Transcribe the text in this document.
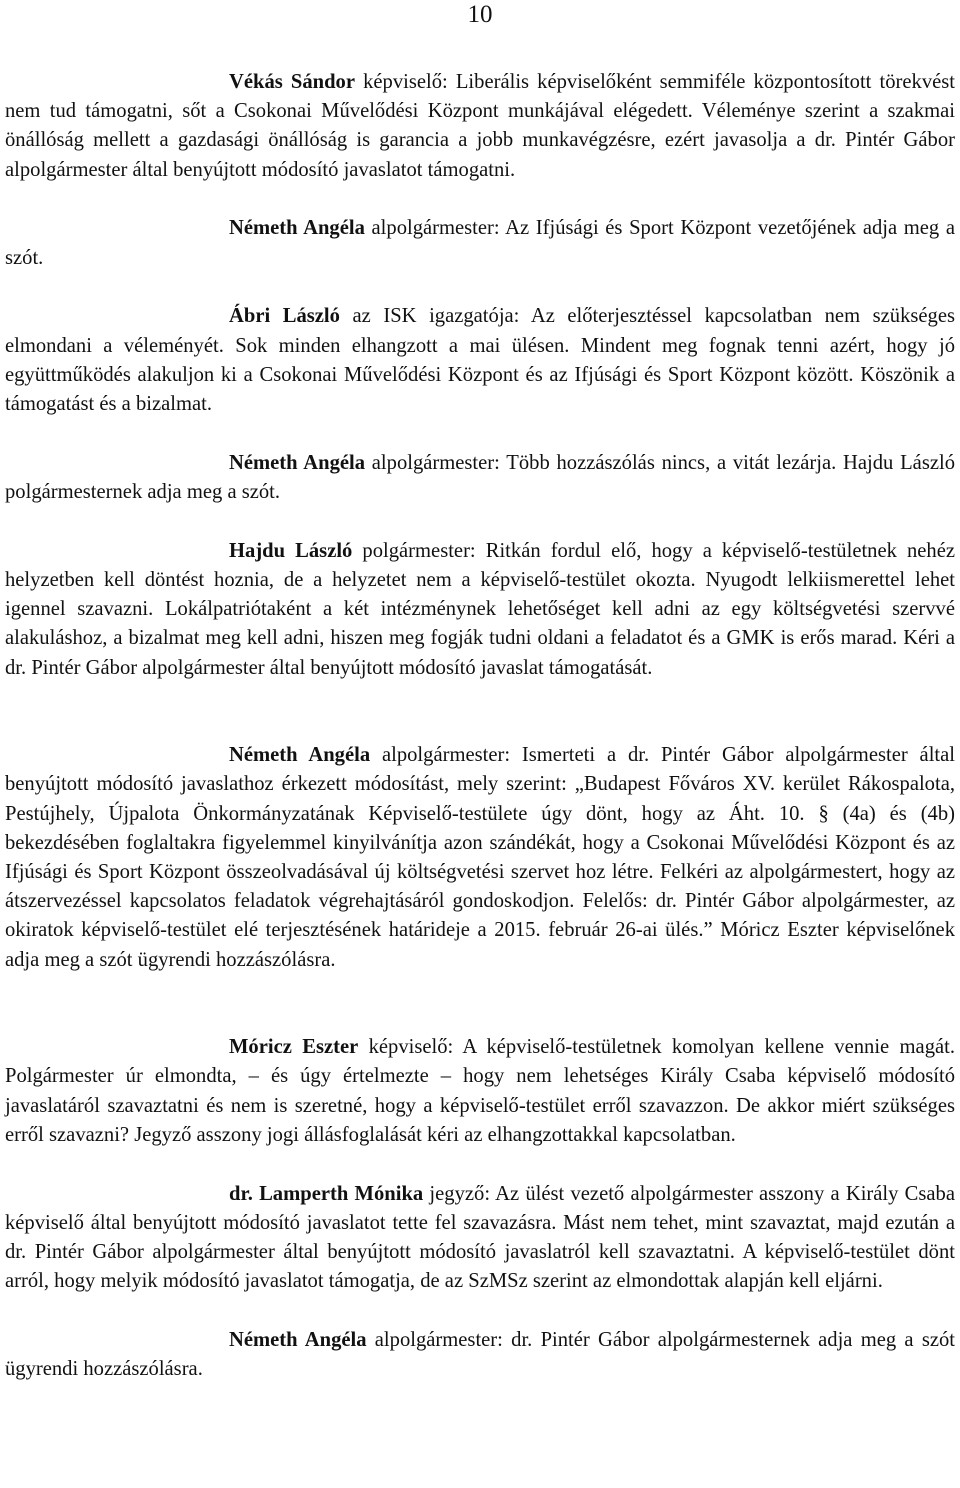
10

Vékás Sándor képviselő: Liberális képviselőként semmiféle központosított törekvést nem tud támogatni, sőt a Csokonai Művelődési Központ munkájával elégedett. Véleménye szerint a szakmai önállóság mellett a gazdasági önállóság is garancia a jobb munkavégzésre, ezért javasolja a dr. Pintér Gábor alpolgármester által benyújtott módosító javaslatot támogatni.

Németh Angéla alpolgármester: Az Ifjúsági és Sport Központ vezetőjének adja meg a szót.

Ábri László az ISK igazgatója: Az előterjesztéssel kapcsolatban nem szükséges elmondani a véleményét. Sok minden elhangzott a mai ülésen. Mindent meg fognak tenni azért, hogy jó együttműködés alakuljon ki a Csokonai Művelődési Központ és az Ifjúsági és Sport Központ között. Köszönik a támogatást és a bizalmat.

Németh Angéla alpolgármester: Több hozzászólás nincs, a vitát lezárja. Hajdu László polgármesternek adja meg a szót.

Hajdu László polgármester: Ritkán fordul elő, hogy a képviselő-testületnek nehéz helyzetben kell döntést hoznia, de a helyzetet nem a képviselő-testület okozta. Nyugodt lelkiismerettel lehet igennel szavazni. Lokálpatriótaként a két intézménynek lehetőséget kell adni az egy költségvetési szervvé alakuláshoz, a bizalmat meg kell adni, hiszen meg fogják tudni oldani a feladatot és a GMK is erős marad. Kéri a dr. Pintér Gábor alpolgármester által benyújtott módosító javaslat támogatását.

Németh Angéla alpolgármester: Ismerteti a dr. Pintér Gábor alpolgármester által benyújtott módosító javaslathoz érkezett módosítást, mely szerint: „Budapest Főváros XV. kerület Rákospalota, Pestújhely, Újpalota Önkormányzatának Képviselő-testülete úgy dönt, hogy az Áht. 10. § (4a) és (4b) bekezdésében foglaltakra figyelemmel kinyilvánítja azon szándékát, hogy a Csokonai Művelődési Központ és az Ifjúsági és Sport Központ összeolvadásával új költségvetési szervet hoz létre. Felkéri az alpolgármestert, hogy az átszervezéssel kapcsolatos feladatok végrehajtásáról gondoskodjon. Felelős: dr. Pintér Gábor alpolgármester, az okiratok képviselő-testület elé terjesztésének határideje a 2015. február 26-ai ülés.” Móricz Eszter képviselőnek adja meg a szót ügyrendi hozzászólásra.

Móricz Eszter képviselő: A képviselő-testületnek komolyan kellene vennie magát. Polgármester úr elmondta, – és úgy értelmezte – hogy nem lehetséges Király Csaba képviselő módosító javaslatáról szavaztatni és nem is szeretné, hogy a képviselő-testület erről szavazzon. De akkor miért szükséges erről szavazni? Jegyző asszony jogi állásfoglalását kéri az elhangzottakkal kapcsolatban.

dr. Lamperth Mónika jegyző: Az ülést vezető alpolgármester asszony a Király Csaba képviselő által benyújtott módosító javaslatot tette fel szavazásra. Mást nem tehet, mint szavaztat, majd ezután a dr. Pintér Gábor alpolgármester által benyújtott módosító javaslatról kell szavaztatni. A képviselő-testület dönt arról, hogy melyik módosító javaslatot támogatja, de az SzMSz szerint az elmondottak alapján kell eljárni.

Németh Angéla alpolgármester: dr. Pintér Gábor alpolgármesternek adja meg a szót ügyrendi hozzászólásra.
